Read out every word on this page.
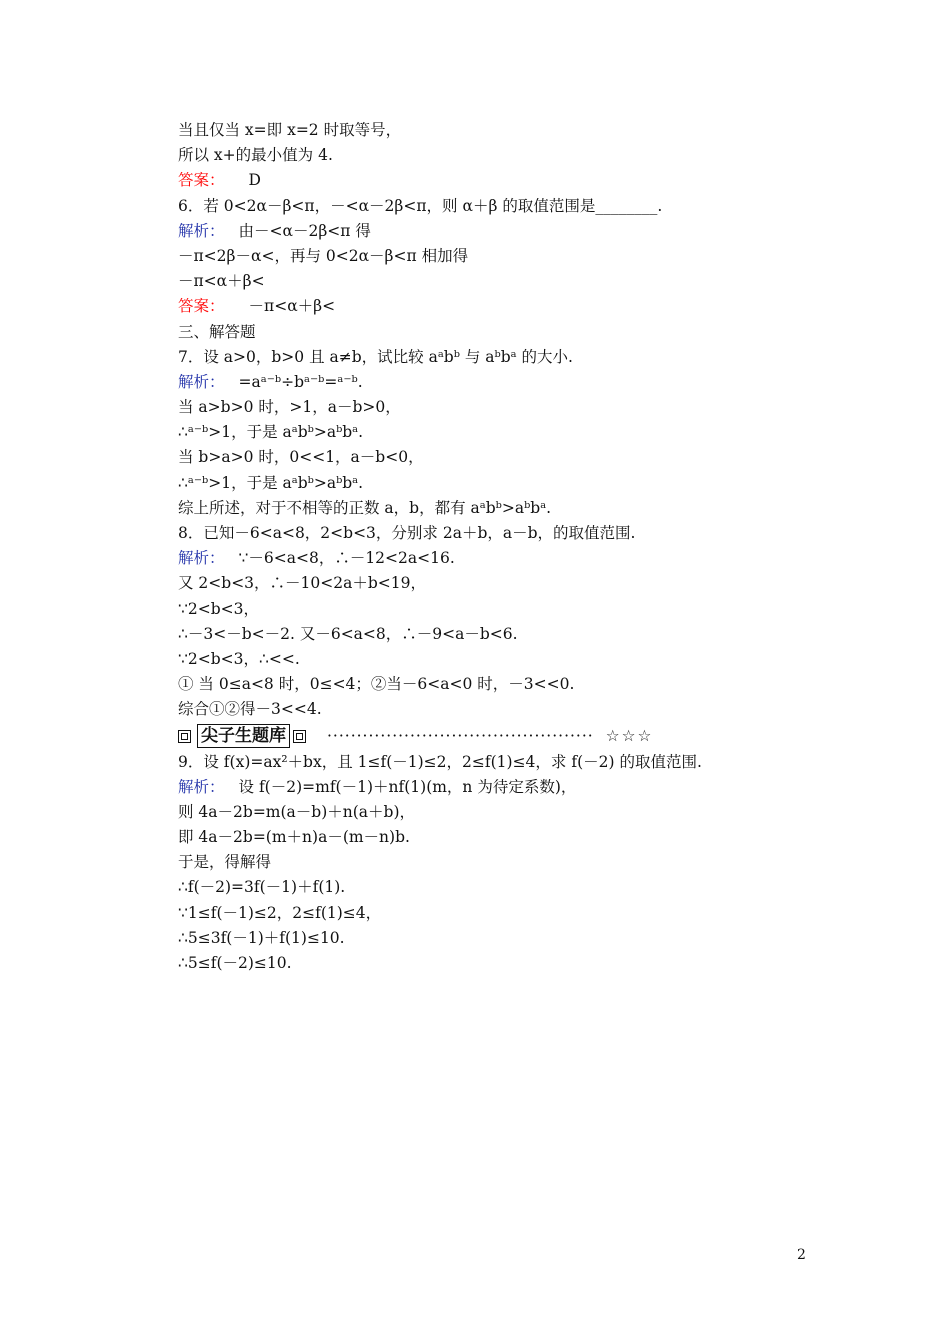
当且仅当 x=即 x=2 时取等号，
所以 x+的最小值为 4.
答案： D
6．若 0<2α－β<π，－<α－2β<π，则 α＋β 的取值范围是________.
解析： 由－<α－2β<π 得
－π<2β－α<，再与 0<2α－β<π 相加得
－π<α＋β<
答案： －π<α＋β<
三、解答题
7．设 a>0，b>0 且 a≠b，试比较 aᵃbᵇ 与 aᵇbᵃ 的大小.
解析： =aᵃ⁻ᵇ÷bᵃ⁻ᵇ=ᵃ⁻ᵇ.
当 a>b>0 时，>1，a－b>0，
∴ᵃ⁻ᵇ>1，于是 aᵃbᵇ>aᵇbᵃ.
当 b>a>0 时，0<<1，a－b<0，
∴ᵃ⁻ᵇ>1，于是 aᵃbᵇ>aᵇbᵃ.
综上所述，对于不相等的正数 a，b，都有 aᵃbᵇ>aᵇbᵃ.
8．已知－6<a<8，2<b<3，分别求 2a＋b，a－b，的取值范围.
解析： ∵－6<a<8，∴－12<2a<16.
又 2<b<3，∴－10<2a＋b<19，
∵2<b<3，
∴－3<－b<－2. 又－6<a<8，∴－9<a－b<6.
∵2<b<3，∴<<.
① 当 0≤a<8 时，0≤<4；②当－6<a<0 时，－3<<0.
综合①②得－3<<4.
尖子生题库	············································· ☆☆☆
9．设 f(x)=ax²＋bx，且 1≤f(－1)≤2，2≤f(1)≤4，求 f(－2) 的取值范围.
解析： 设 f(－2)=mf(－1)＋nf(1)(m，n 为待定系数)，
则 4a－2b=m(a－b)＋n(a＋b)，
即 4a－2b=(m＋n)a－(m－n)b.
于是，得解得
∴f(－2)=3f(－1)＋f(1).
∵1≤f(－1)≤2，2≤f(1)≤4，
∴5≤3f(－1)＋f(1)≤10.
∴5≤f(－2)≤10.
2
